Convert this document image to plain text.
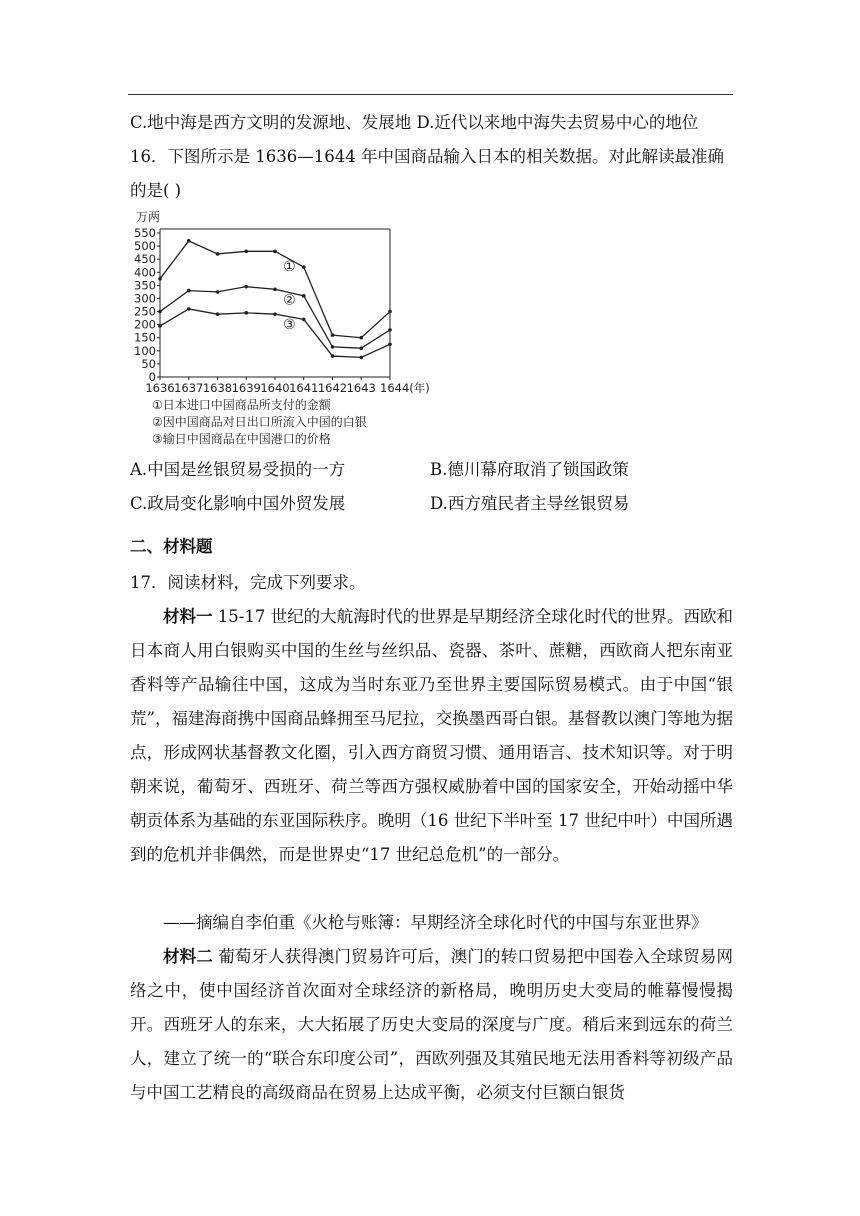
C.地中海是西方文明的发源地、发展地 D.近代以来地中海失去贸易中心的地位
16．下图所示是 1636—1644 年中国商品输入日本的相关数据。对此解读最准确
的是( )
万两
0
50
100
150
200
250
300
350
400
450
500
550
1636 1637 1638 1639 1640 1641 1642 1643 1644(年)
①
②
③
①日本进口中国商品所支付的金额
②因中国商品对日出口所流入中国的白银
③输日中国商品在中国港口的价格
A.中国是丝银贸易受损的一方	B.德川幕府取消了锁国政策
C.政局变化影响中国外贸发展	D.西方殖民者主导丝银贸易
二、材料题
17．阅读材料，完成下列要求。
材料一 15-17 世纪的大航海时代的世界是早期经济全球化时代的世界。西欧和日本商人用白银购买中国的生丝与丝织品、瓷器、茶叶、蔗糖，西欧商人把东南亚香料等产品输往中国，这成为当时东亚乃至世界主要国际贸易模式。由于中国“银荒”，福建海商携中国商品蜂拥至马尼拉，交换墨西哥白银。基督教以澳门等地为据点，形成网状基督教文化圈，引入西方商贸习惯、通用语言、技术知识等。对于明朝来说，葡萄牙、西班牙、荷兰等西方强权威胁着中国的国家安全，开始动摇中华朝贡体系为基础的东亚国际秩序。晚明（16 世纪下半叶至 17 世纪中叶）中国所遇到的危机并非偶然，而是世界史“17 世纪总危机”的一部分。
——摘编自李伯重《火枪与账簿：早期经济全球化时代的中国与东亚世界》
材料二 葡萄牙人获得澳门贸易许可后，澳门的转口贸易把中国卷入全球贸易网络之中，使中国经济首次面对全球经济的新格局，晚明历史大变局的帷幕慢慢揭开。西班牙人的东来，大大拓展了历史大变局的深度与广度。稍后来到远东的荷兰人，建立了统一的“联合东印度公司”，西欧列强及其殖民地无法用香料等初级产品与中国工艺精良的高级商品在贸易上达成平衡，必须支付巨额白银货
